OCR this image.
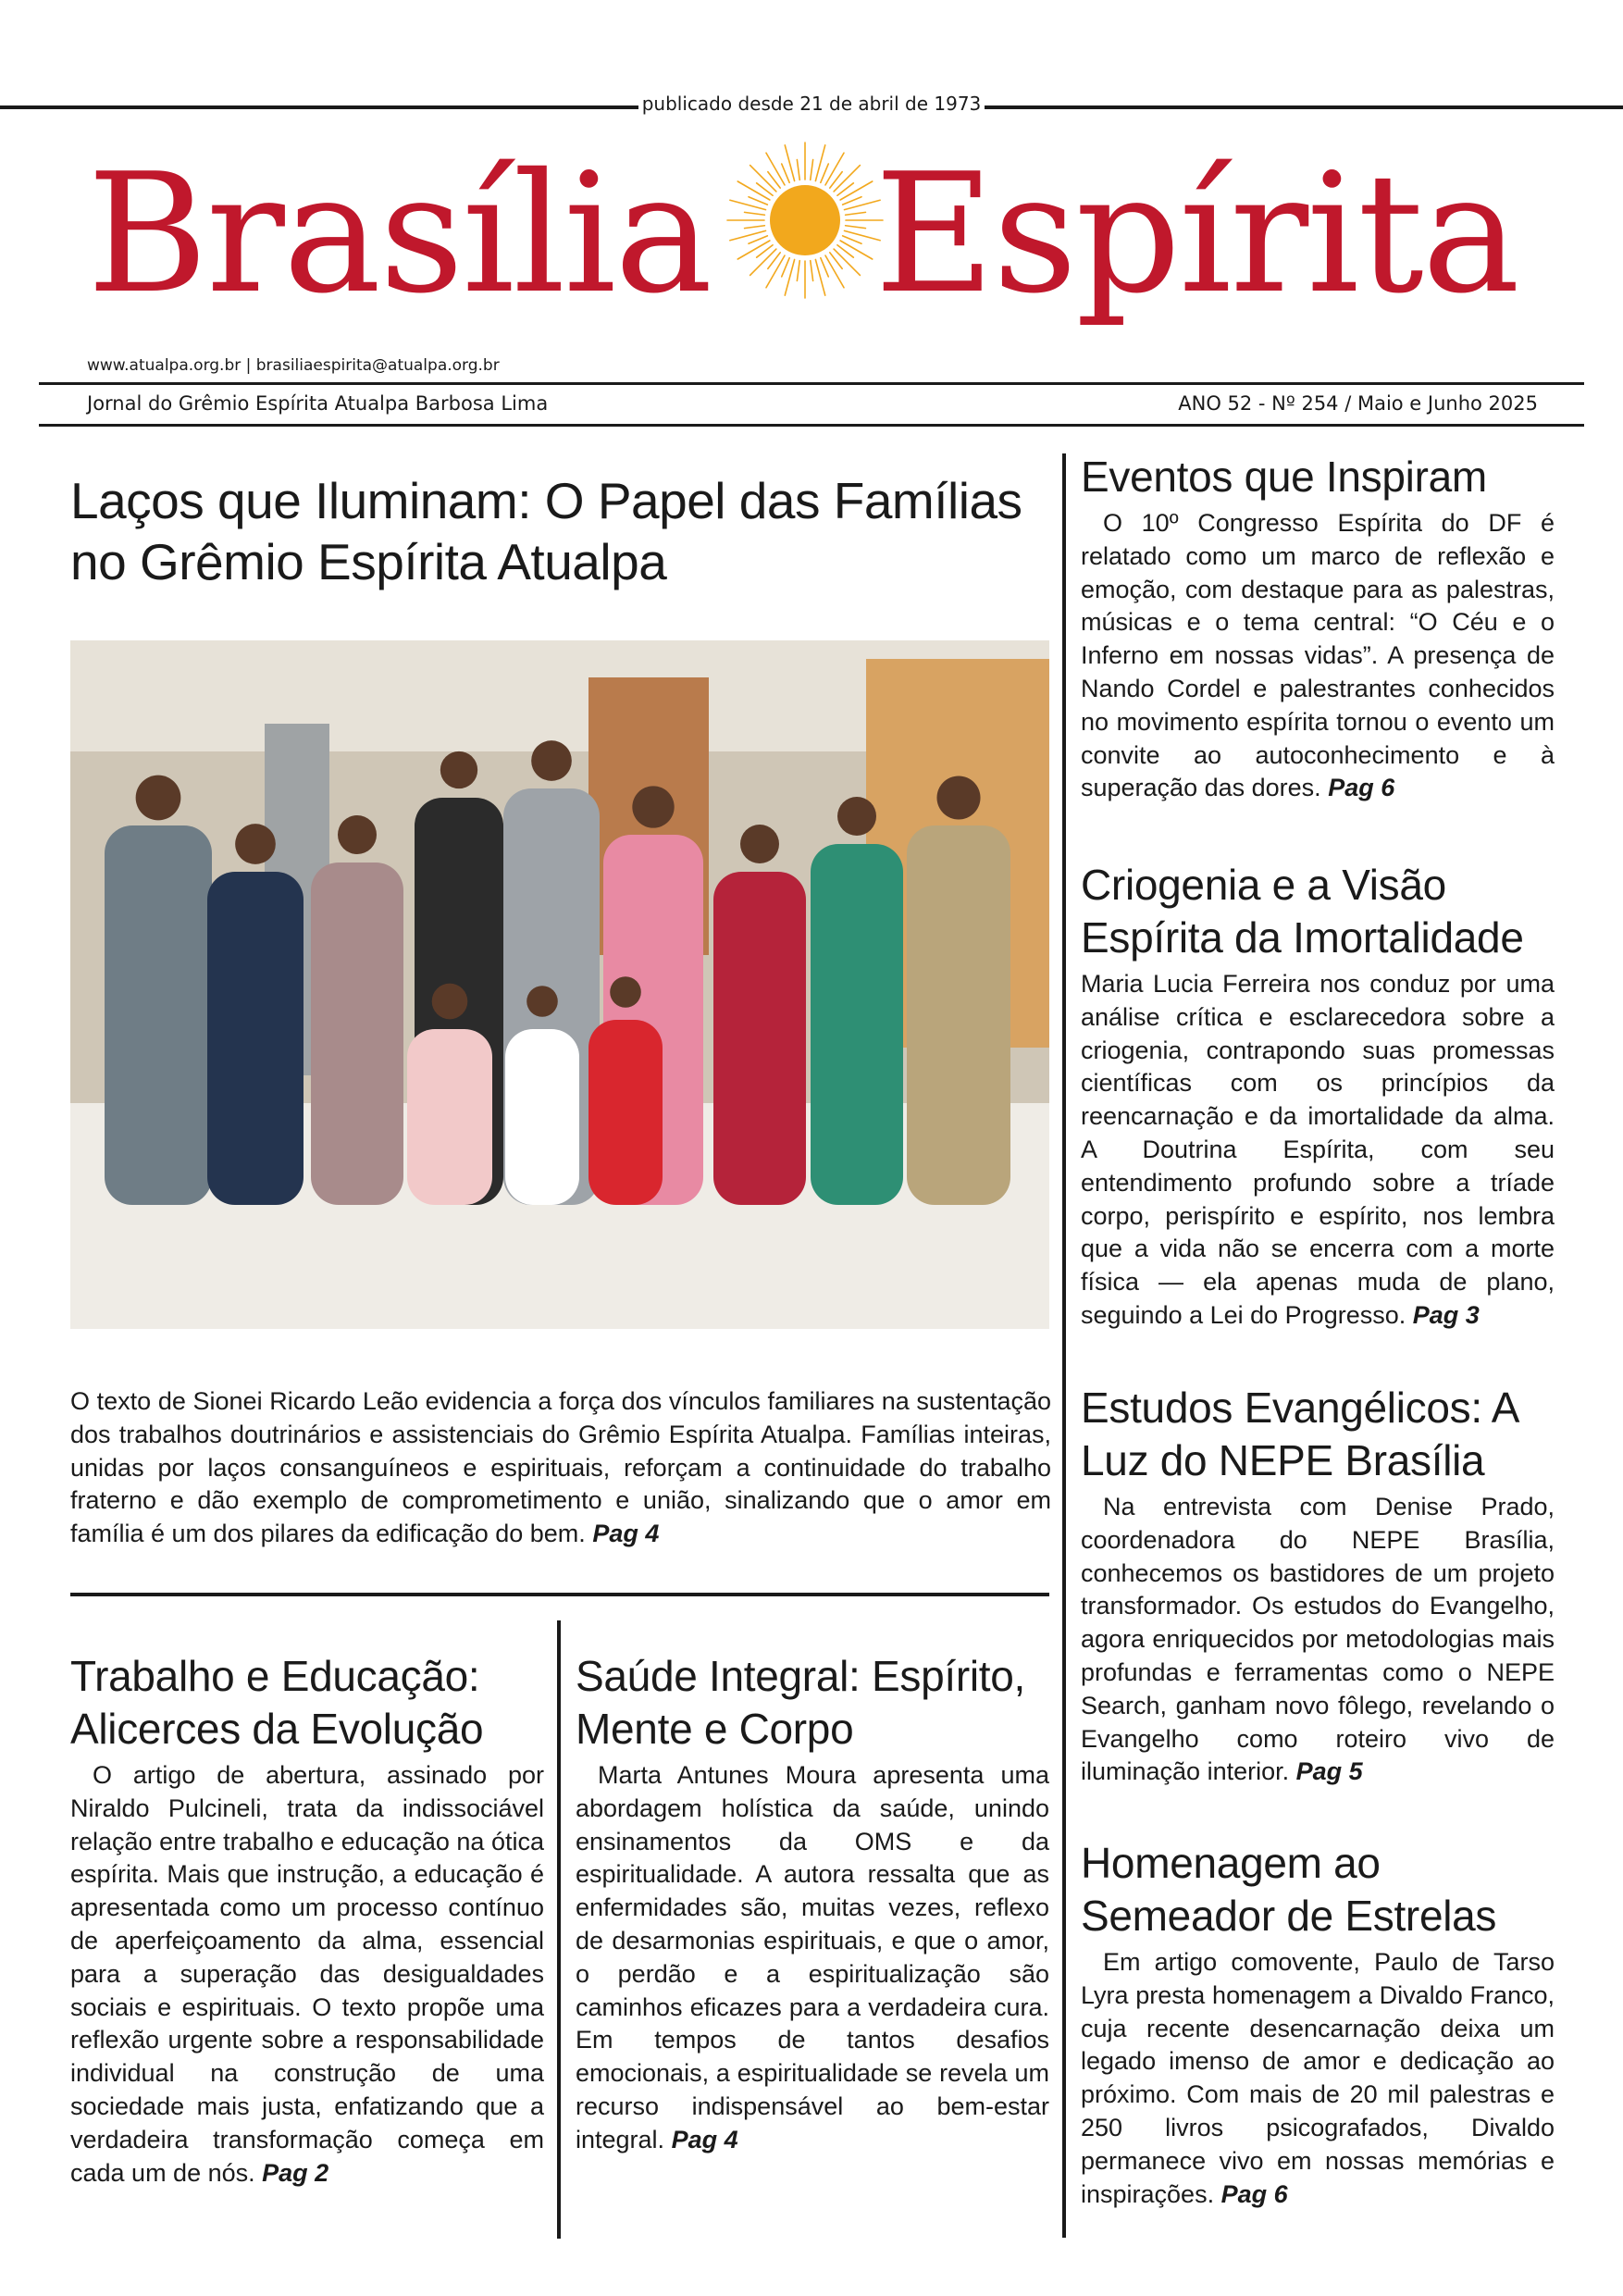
publicado desde 21 de abril de 1973
Brasília Espírita
www.atualpa.org.br | brasiliaespirita@atualpa.org.br
Jornal do Grêmio Espírita Atualpa Barbosa Lima	ANO 52 - Nº 254 / Maio e Junho 2025
Laços que Iluminam: O Papel das Famílias no Grêmio Espírita Atualpa
O texto de Sionei Ricardo Leão evidencia a força dos vínculos familiares na sustentação dos trabalhos doutrinários e assistenciais do Grêmio Espírita Atualpa. Famílias inteiras, unidas por laços consanguíneos e espirituais, reforçam a continuidade do trabalho fraterno e dão exemplo de comprometimento e união, sinalizando que o amor em família é um dos pilares da edificação do bem. Pag 4
Trabalho e Educação: Alicerces da Evolução
O artigo de abertura, assinado por Niraldo Pulcineli, trata da indissociável relação entre trabalho e educação na ótica espírita. Mais que instrução, a educação é apresentada como um processo contínuo de aperfeiçoamento da alma, essencial para a superação das desigualdades sociais e espirituais. O texto propõe uma reflexão urgente sobre a responsabilidade individual na construção de uma sociedade mais justa, enfatizando que a verdadeira transformação começa em cada um de nós. Pag 2
Saúde Integral: Espírito, Mente e Corpo
Marta Antunes Moura apresenta uma abordagem holística da saúde, unindo ensinamentos da OMS e da espiritualidade. A autora ressalta que as enfermidades são, muitas vezes, reflexo de desarmonias espirituais, e que o amor, o perdão e a espiritualização são caminhos eficazes para a verdadeira cura. Em tempos de tantos desafios emocionais, a espiritualidade se revela um recurso indispensável ao bem-estar integral. Pag 4
Eventos que Inspiram
O 10º Congresso Espírita do DF é relatado como um marco de reflexão e emoção, com destaque para as palestras, músicas e o tema central: “O Céu e o Inferno em nossas vidas”. A presença de Nando Cordel e palestrantes conhecidos no movimento espírita tornou o evento um convite ao autoconhecimento e à superação das dores. Pag 6
Criogenia e a Visão Espírita da Imortalidade
Maria Lucia Ferreira nos conduz por uma análise crítica e esclarecedora sobre a criogenia, contrapondo suas promessas científicas com os princípios da reencarnação e da imortalidade da alma. A Doutrina Espírita, com seu entendimento profundo sobre a tríade corpo, perispírito e espírito, nos lembra que a vida não se encerra com a morte física — ela apenas muda de plano, seguindo a Lei do Progresso. Pag 3
Estudos Evangélicos: A Luz do NEPE Brasília
Na entrevista com Denise Prado, coordenadora do NEPE Brasília, conhecemos os bastidores de um projeto transformador. Os estudos do Evangelho, agora enriquecidos por metodologias mais profundas e ferramentas como o NEPE Search, ganham novo fôlego, revelando o Evangelho como roteiro vivo de iluminação interior. Pag 5
Homenagem ao Semeador de Estrelas
Em artigo comovente, Paulo de Tarso Lyra presta homenagem a Divaldo Franco, cuja recente desencarnação deixa um legado imenso de amor e dedicação ao próximo. Com mais de 20 mil palestras e 250 livros psicografados, Divaldo permanece vivo em nossas memórias e inspirações. Pag 6
